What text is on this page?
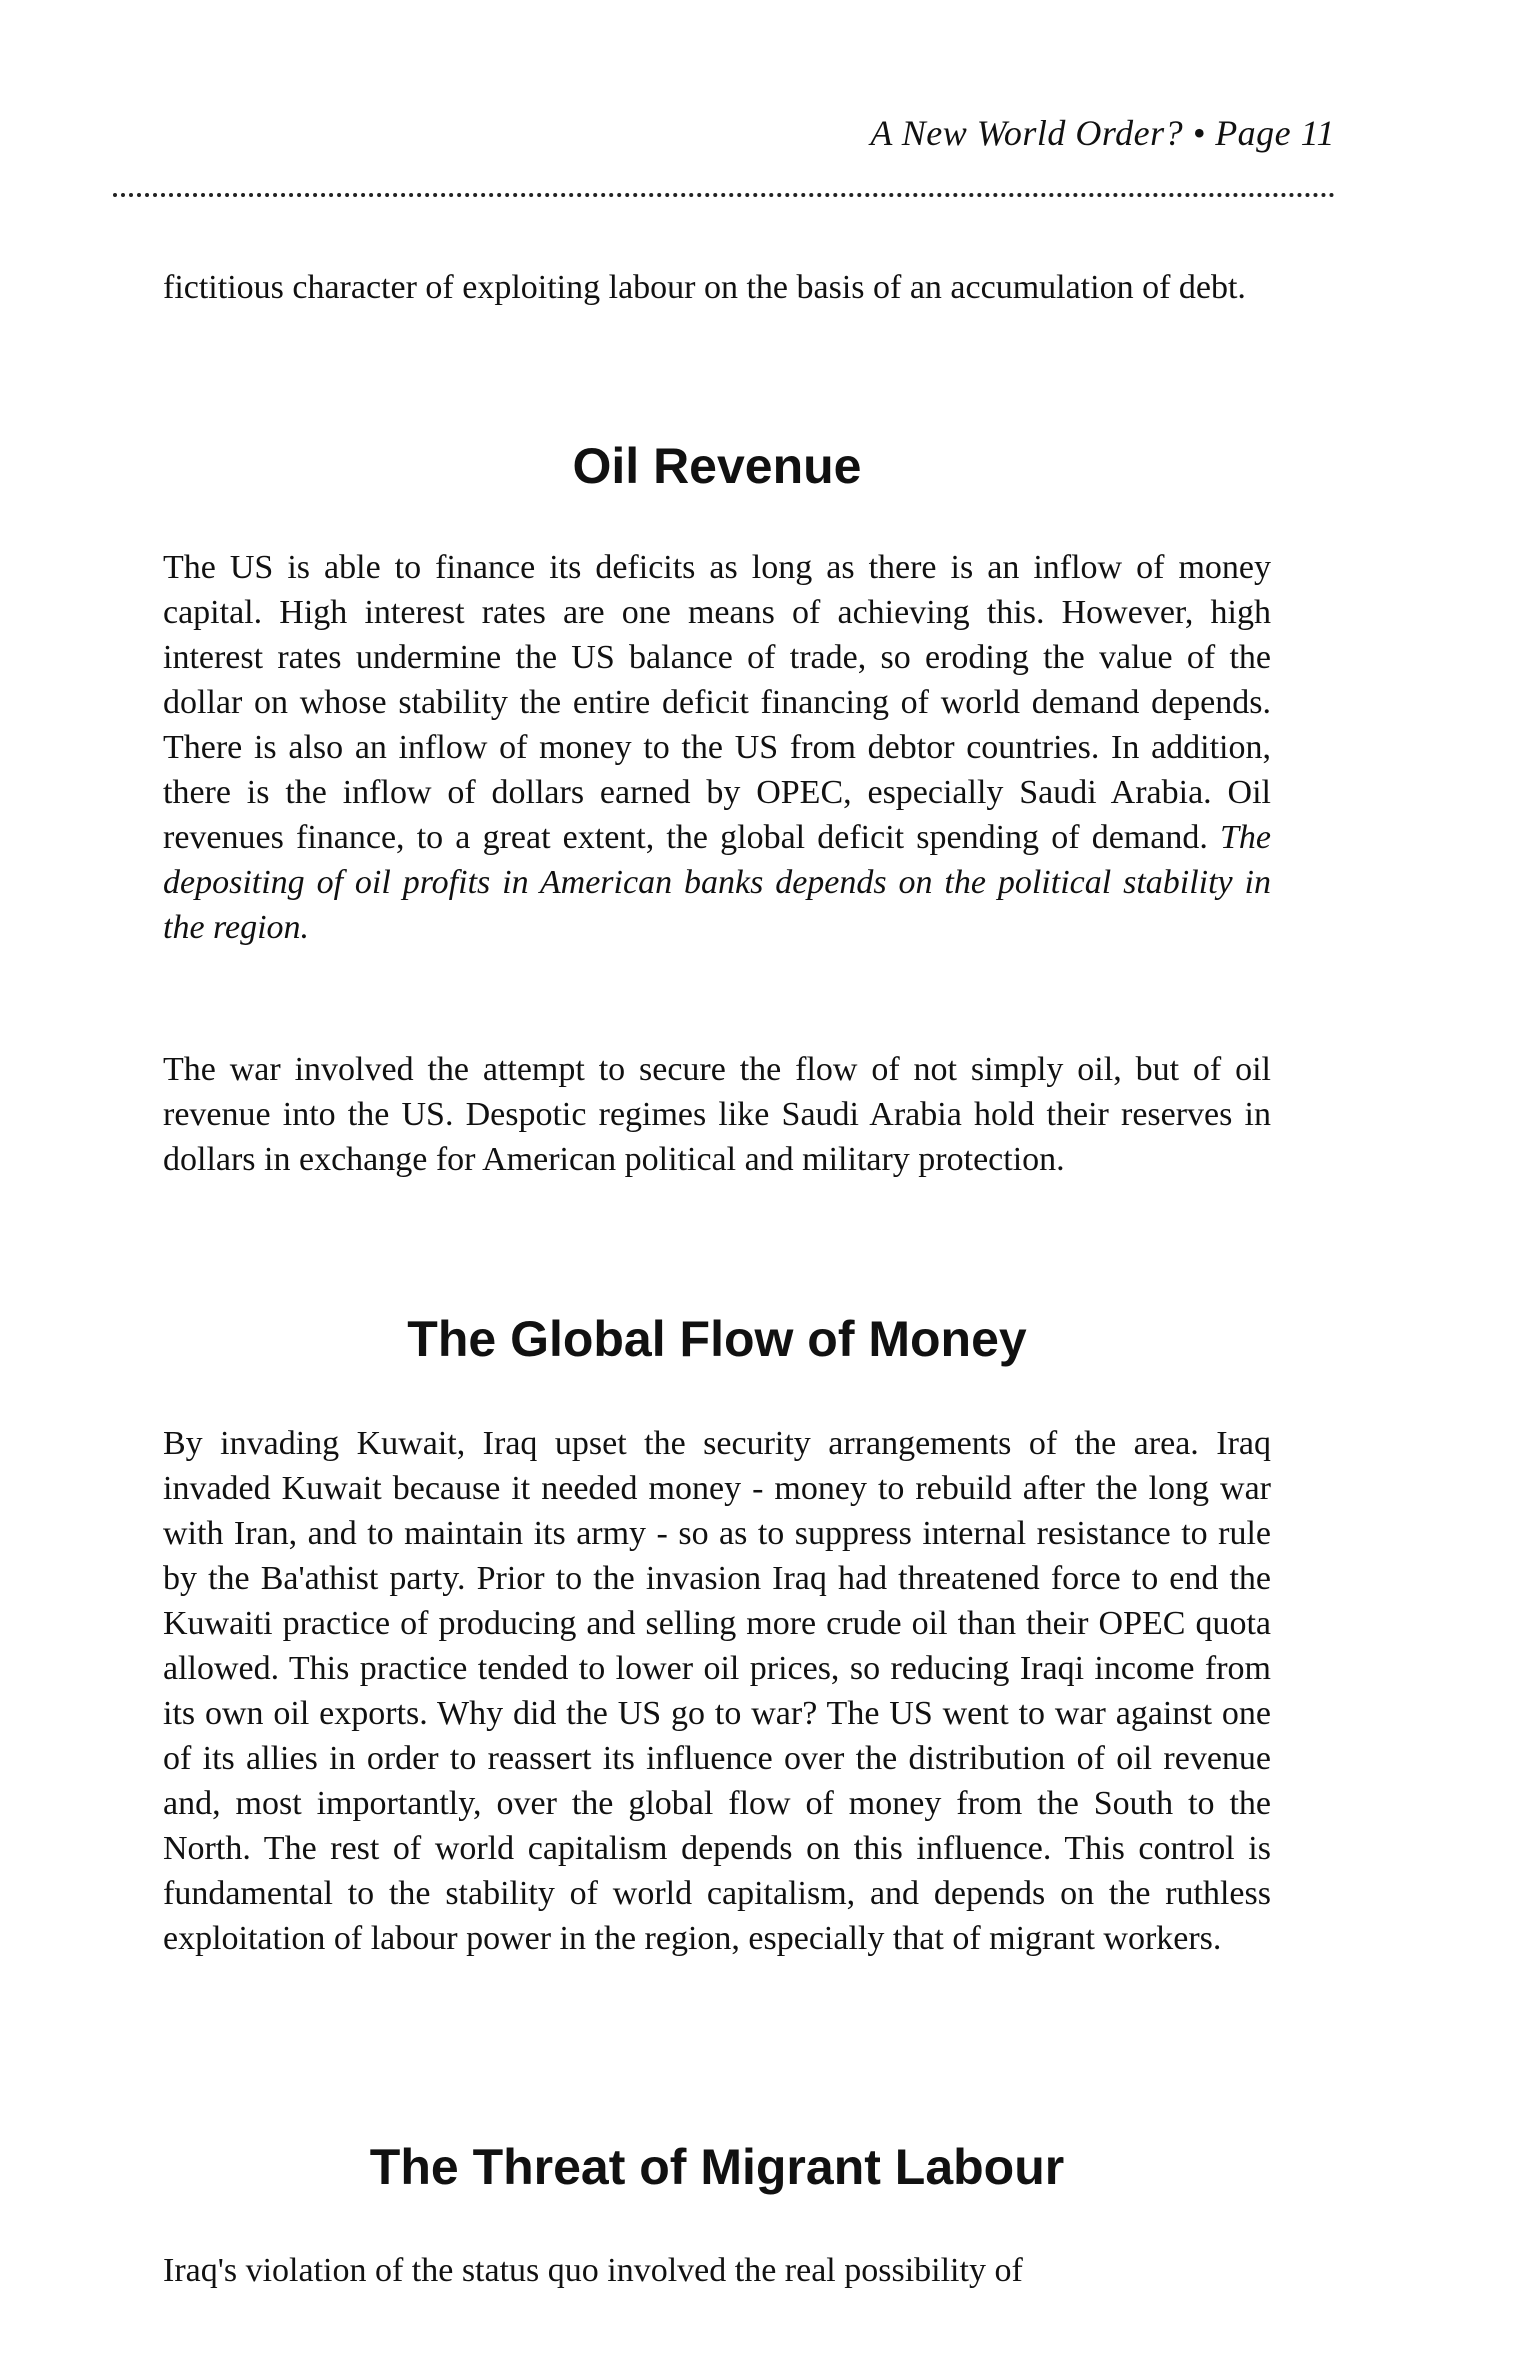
A New World Order? • Page 11

fictitious character of exploiting labour on the basis of an accumulation of debt.

Oil Revenue

The US is able to finance its deficits as long as there is an inflow of money capital. High interest rates are one means of achieving this. However, high interest rates undermine the US balance of trade, so eroding the value of the dollar on whose stability the entire deficit financing of world demand depends. There is also an inflow of money to the US from debtor countries. In addition, there is the inflow of dollars earned by OPEC, especially Saudi Arabia. Oil revenues finance, to a great extent, the global deficit spending of demand. The depositing of oil profits in American banks depends on the political stability in the region.

The war involved the attempt to secure the flow of not simply oil, but of oil revenue into the US. Despotic regimes like Saudi Arabia hold their reserves in dollars in exchange for American political and military protection.

The Global Flow of Money

By invading Kuwait, Iraq upset the security arrangements of the area. Iraq invaded Kuwait because it needed money - money to rebuild after the long war with Iran, and to maintain its army - so as to suppress internal resistance to rule by the Ba'athist party. Prior to the invasion Iraq had threatened force to end the Kuwaiti practice of producing and selling more crude oil than their OPEC quota allowed. This practice tended to lower oil prices, so reducing Iraqi income from its own oil exports. Why did the US go to war? The US went to war against one of its allies in order to reassert its influence over the distribution of oil revenue and, most importantly, over the global flow of money from the South to the North. The rest of world capitalism depends on this influence. This control is fundamental to the stability of world capitalism, and depends on the ruthless exploitation of labour power in the region, especially that of migrant workers.

The Threat of Migrant Labour

Iraq's violation of the status quo involved the real possibility of
